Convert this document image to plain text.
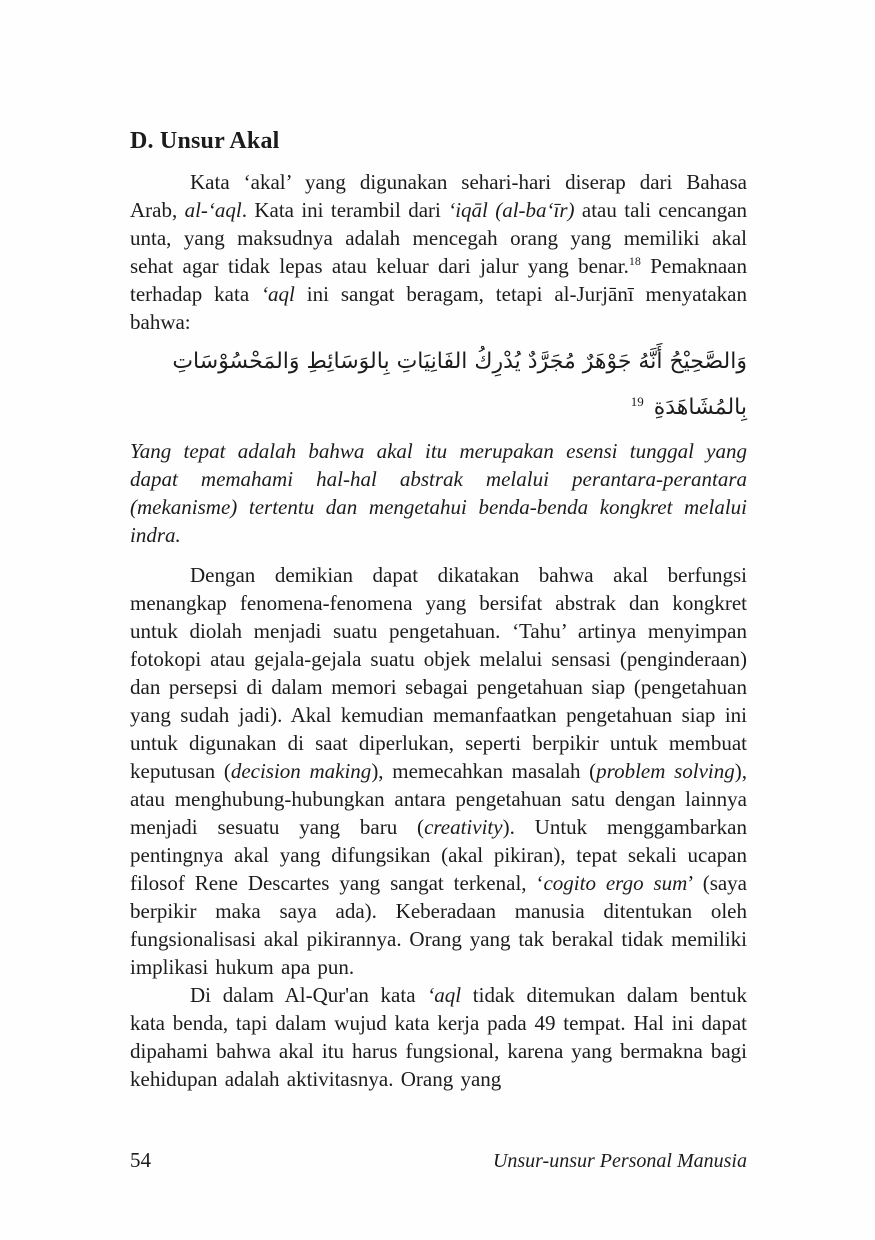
D. Unsur Akal

Kata ‘akal’ yang digunakan sehari-hari diserap dari Bahasa Arab, al-‘aql. Kata ini terambil dari ‘iqāl (al-ba‘īr) atau tali cencangan unta, yang maksudnya adalah mencegah orang yang memiliki akal sehat agar tidak lepas atau keluar dari jalur yang benar.$^{18}$ Pemaknaan terhadap kata ‘aql ini sangat beragam, tetapi al-Jurjānī menyatakan bahwa:

وَالصَّحِيْحُ أَنَّهُ جَوْهَرٌ مُجَرَّدٌ يُدْرِكُ الفَانِيَاتِ بِالوَسَائِطِ وَالمَحْسُوْسَاتِ بِالمُشَاهَدَةِ$^{19}$

Yang tepat adalah bahwa akal itu merupakan esensi tunggal yang dapat memahami hal-hal abstrak melalui perantara-perantara (mekanisme) tertentu dan mengetahui benda-benda kongkret melalui indra.

Dengan demikian dapat dikatakan bahwa akal berfungsi menangkap fenomena-fenomena yang bersifat abstrak dan kongkret untuk diolah menjadi suatu pengetahuan. ‘Tahu’ artinya menyimpan fotokopi atau gejala-gejala suatu objek melalui sensasi (penginderaan) dan persepsi di dalam memori sebagai pengetahuan siap (pengetahuan yang sudah jadi). Akal kemudian memanfaatkan pengetahuan siap ini untuk digunakan di saat diperlukan, seperti berpikir untuk membuat keputusan (decision making), memecahkan masalah (problem solving), atau menghubung-hubungkan antara pengetahuan satu dengan lainnya menjadi sesuatu yang baru (creativity). Untuk menggambarkan pentingnya akal yang difungsikan (akal pikiran), tepat sekali ucapan filosof Rene Descartes yang sangat terkenal, ‘cogito ergo sum’ (saya berpikir maka saya ada). Keberadaan manusia ditentukan oleh fungsionalisasi akal pikirannya. Orang yang tak berakal tidak memiliki implikasi hukum apa pun.

Di dalam Al-Qur'an kata ‘aql tidak ditemukan dalam bentuk kata benda, tapi dalam wujud kata kerja pada 49 tempat. Hal ini dapat dipahami bahwa akal itu harus fungsional, karena yang bermakna bagi kehidupan adalah aktivitasnya. Orang yang

54	Unsur-unsur Personal Manusia
